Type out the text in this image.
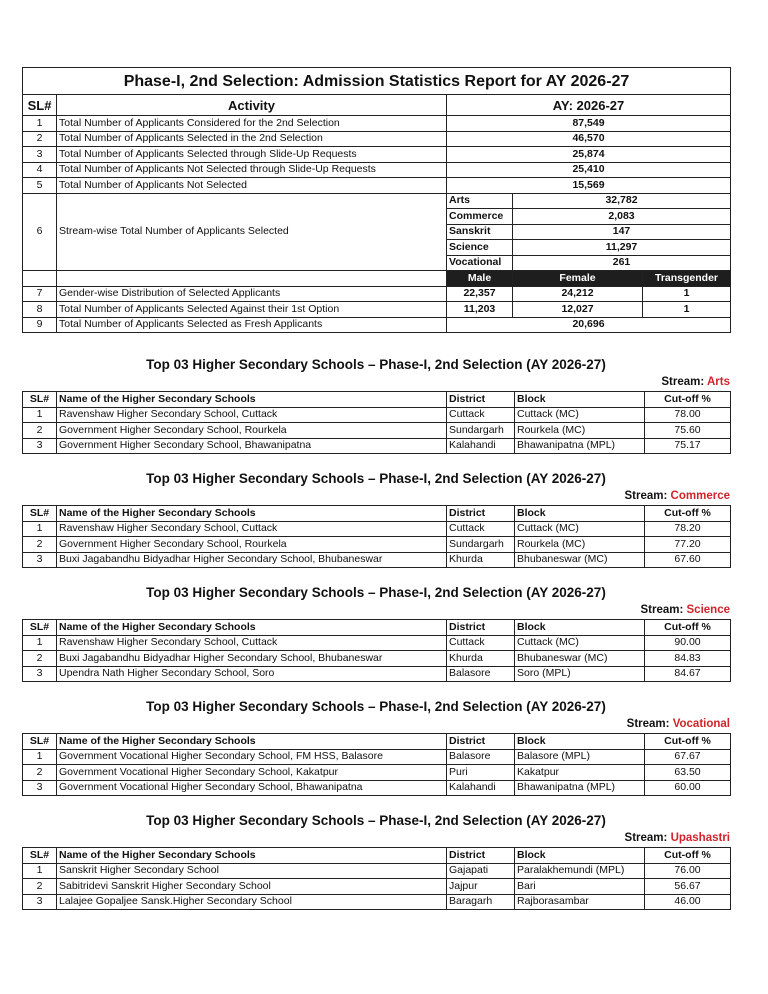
Phase-I, 2nd Selection: Admission Statistics Report for AY 2026-27				
SL#	Activity	AY: 2026-27		
1	Total Number of Applicants Considered for the 2nd Selection	87,549		
2	Total Number of Applicants Selected in the 2nd Selection	46,570		
3	Total Number of Applicants Selected through Slide-Up Requests	25,874		
4	Total Number of Applicants Not Selected through Slide-Up Requests	25,410		
5	Total Number of Applicants Not Selected	15,569		
6	Stream-wise Total Number of Applicants Selected	Arts	32,782	
		Commerce	2,083	
		Sanskrit	147	
		Science	11,297	
		Vocational	261	
		Male	Female	Transgender
7	Gender-wise Distribution of Selected Applicants	22,357	24,212	1
8	Total Number of Applicants Selected Against their 1st Option	11,203	12,027	1
9	Total Number of Applicants Selected as Fresh Applicants	20,696		
Top 03 Higher Secondary Schools – Phase-I, 2nd Selection (AY 2026-27)
Stream: Arts
SL#	Name of the Higher Secondary Schools	District	Block	Cut-off %
1	Ravenshaw Higher Secondary School, Cuttack	Cuttack	Cuttack (MC)	78.00
2	Government Higher Secondary School, Rourkela	Sundargarh	Rourkela (MC)	75.60
3	Government Higher Secondary School, Bhawanipatna	Kalahandi	Bhawanipatna (MPL)	75.17
Top 03 Higher Secondary Schools – Phase-I, 2nd Selection (AY 2026-27)
Stream: Commerce
SL#	Name of the Higher Secondary Schools	District	Block	Cut-off %
1	Ravenshaw Higher Secondary School, Cuttack	Cuttack	Cuttack (MC)	78.20
2	Government Higher Secondary School, Rourkela	Sundargarh	Rourkela (MC)	77.20
3	Buxi Jagabandhu Bidyadhar Higher Secondary School, Bhubaneswar	Khurda	Bhubaneswar (MC)	67.60
Top 03 Higher Secondary Schools – Phase-I, 2nd Selection (AY 2026-27)
Stream: Science
SL#	Name of the Higher Secondary Schools	District	Block	Cut-off %
1	Ravenshaw Higher Secondary School, Cuttack	Cuttack	Cuttack (MC)	90.00
2	Buxi Jagabandhu Bidyadhar Higher Secondary School, Bhubaneswar	Khurda	Bhubaneswar (MC)	84.83
3	Upendra Nath Higher Secondary School, Soro	Balasore	Soro (MPL)	84.67
Top 03 Higher Secondary Schools – Phase-I, 2nd Selection (AY 2026-27)
Stream: Vocational
SL#	Name of the Higher Secondary Schools	District	Block	Cut-off %
1	Government Vocational Higher Secondary School, FM HSS, Balasore	Balasore	Balasore (MPL)	67.67
2	Government Vocational Higher Secondary School, Kakatpur	Puri	Kakatpur	63.50
3	Government Vocational Higher Secondary School, Bhawanipatna	Kalahandi	Bhawanipatna (MPL)	60.00
Top 03 Higher Secondary Schools – Phase-I, 2nd Selection (AY 2026-27)
Stream: Upashastri
SL#	Name of the Higher Secondary Schools	District	Block	Cut-off %
1	Sanskrit Higher Secondary School	Gajapati	Paralakhemundi (MPL)	76.00
2	Sabitridevi Sanskrit Higher Secondary School	Jajpur	Bari	56.67
3	Lalajee Gopaljee Sansk.Higher Secondary School	Baragarh	Rajborasambar	46.00
